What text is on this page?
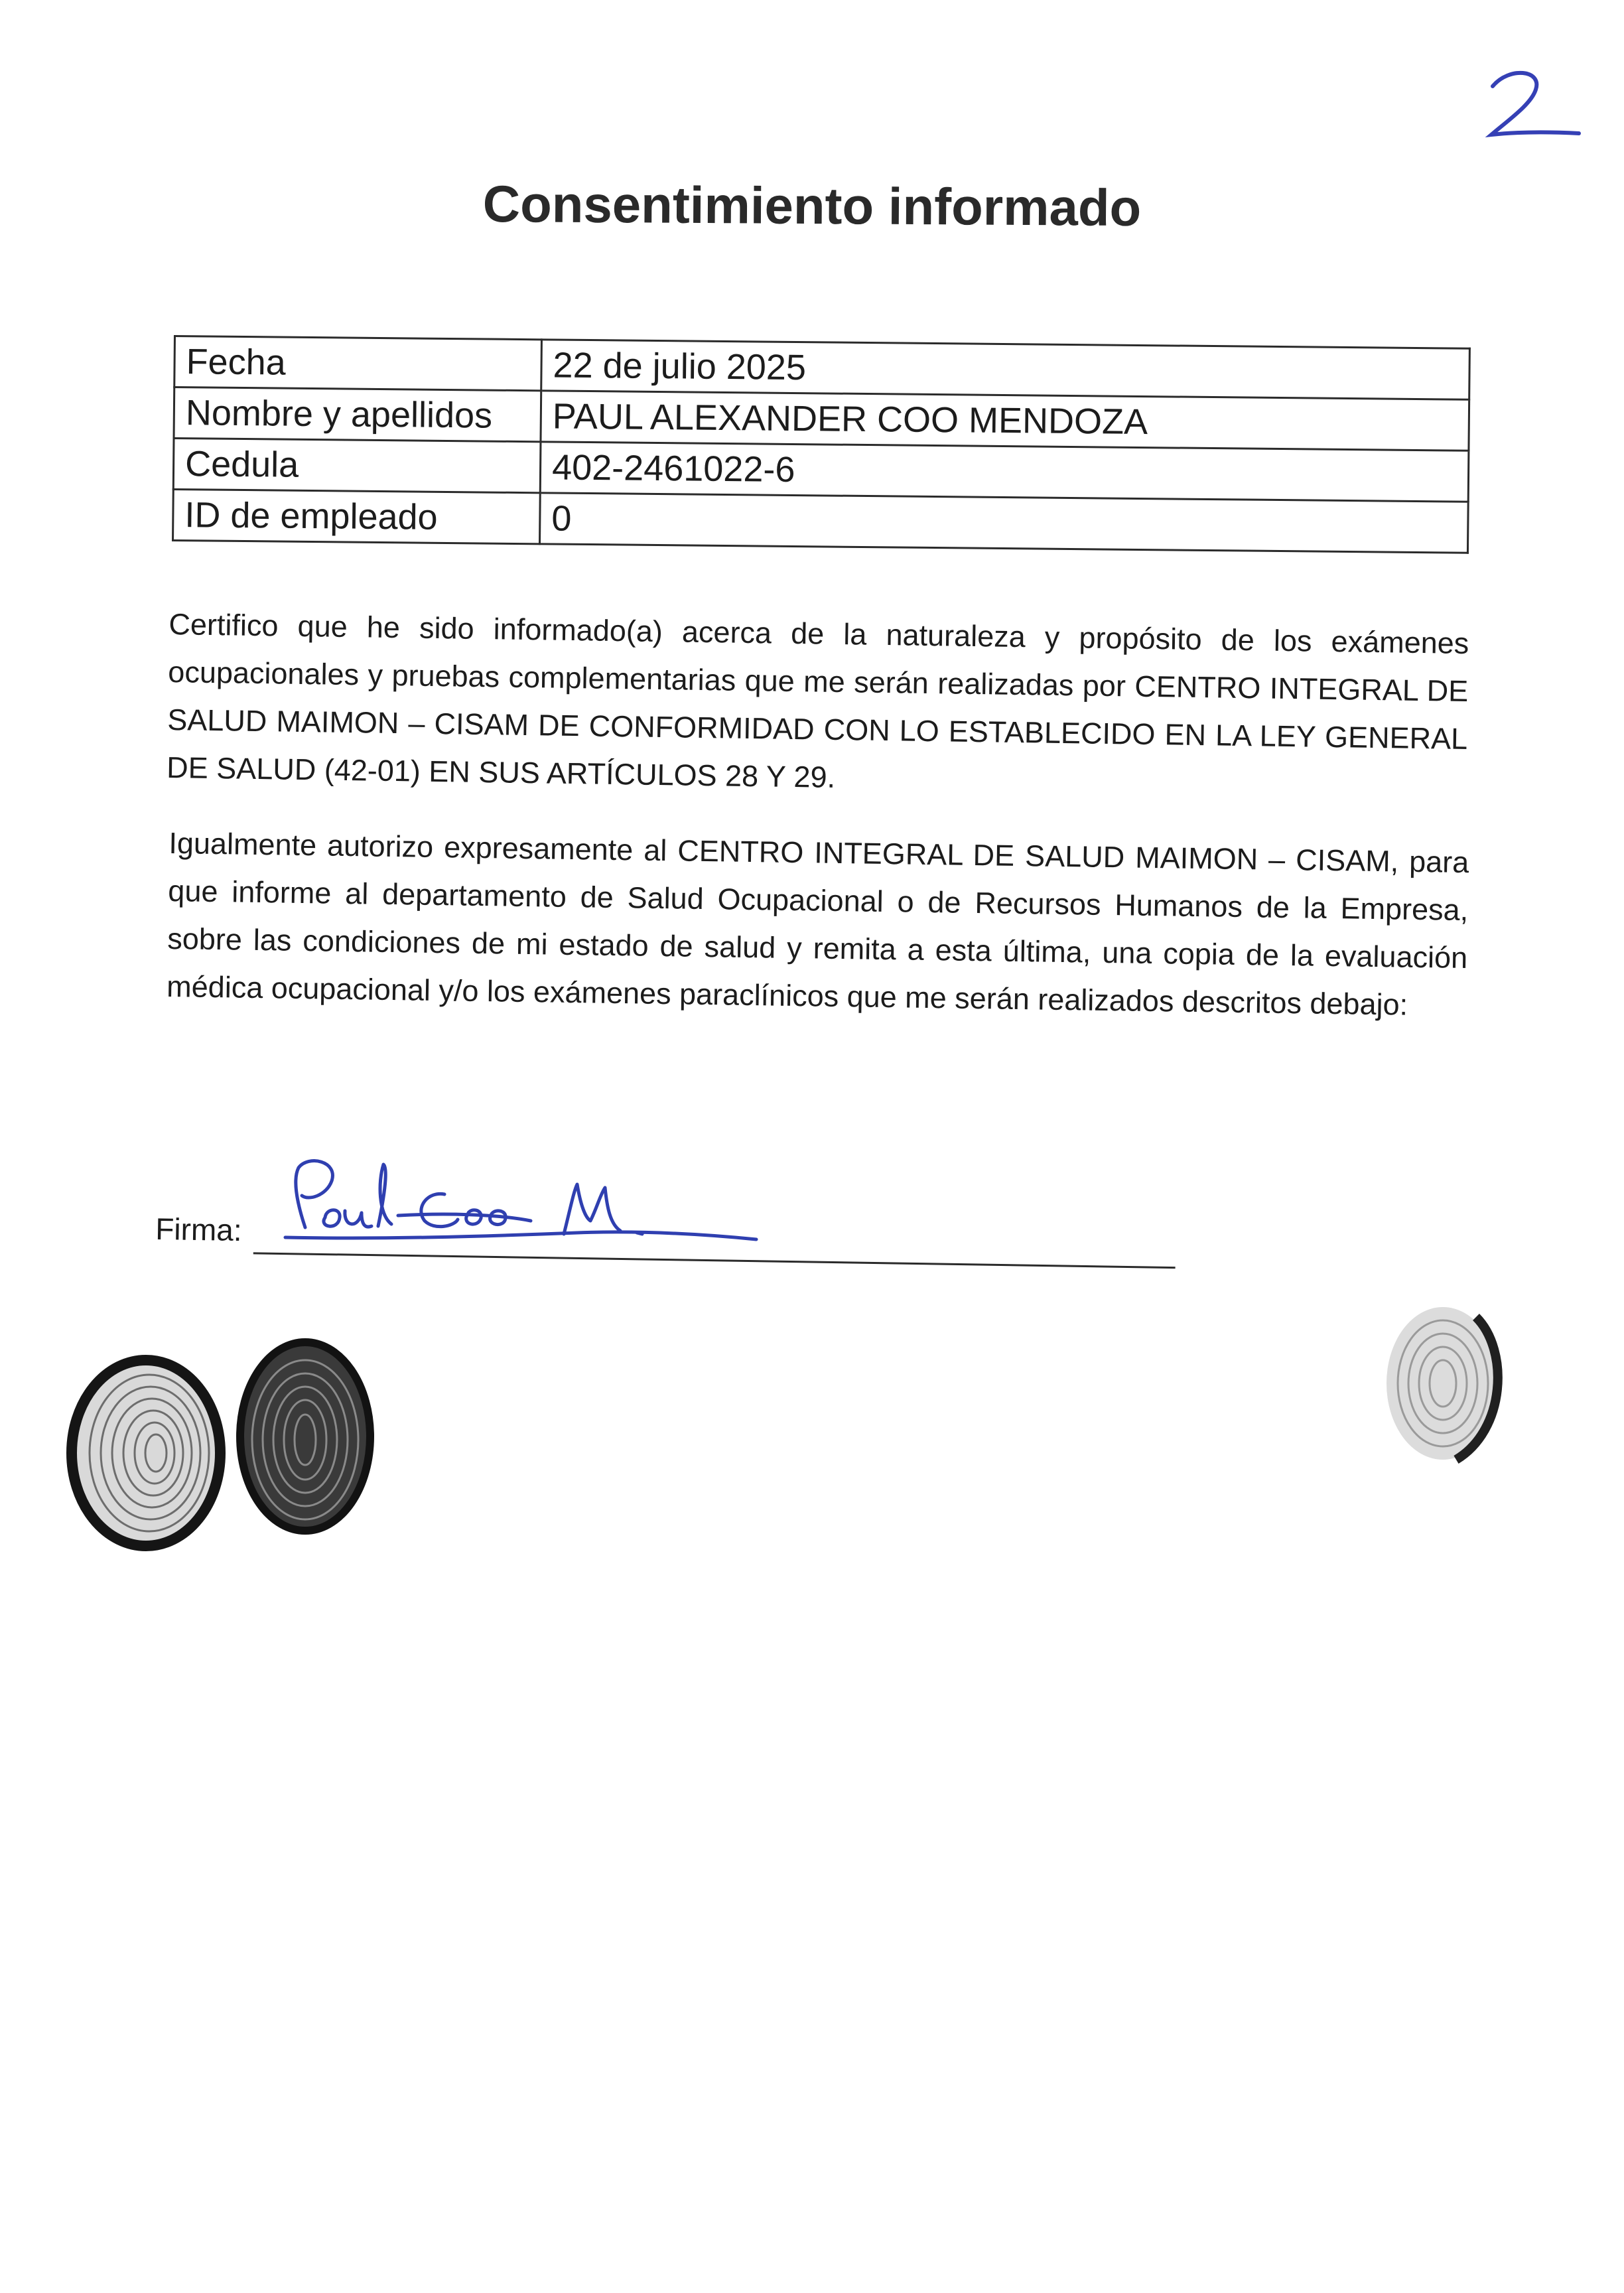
Consentimiento informado
Fecha	22 de julio 2025
Nombre y apellidos	PAUL ALEXANDER COO MENDOZA
Cedula	402-2461022-6
ID de empleado	0

Certifico que he sido informado(a) acerca de la naturaleza y propósito de los exámenes ocupacionales y pruebas complementarias que me serán realizadas por CENTRO INTEGRAL DE SALUD MAIMON – CISAM DE CONFORMIDAD CON LO ESTABLECIDO EN LA LEY GENERAL DE SALUD (42-01) EN SUS ARTÍCULOS 28 Y 29.

Igualmente autorizo expresamente al CENTRO INTEGRAL DE SALUD MAIMON – CISAM, para que informe al departamento de Salud Ocupacional o de Recursos Humanos de la Empresa, sobre las condiciones de mi estado de salud y remita a esta última, una copia de la evaluación médica ocupacional y/o los exámenes paraclínicos que me serán realizados descritos debajo:

Firma:
